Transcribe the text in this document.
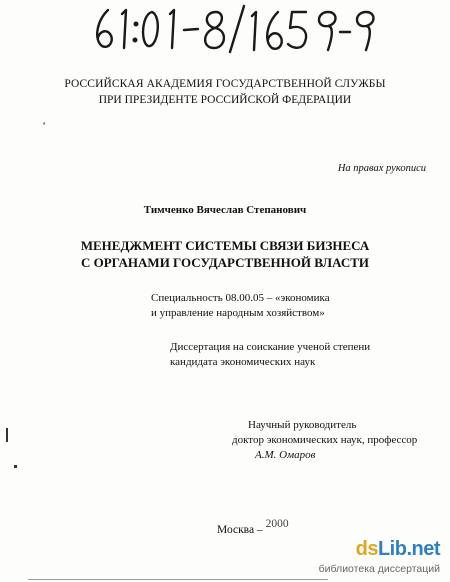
РОССИЙСКАЯ АКАДЕМИЯ ГОСУДАРСТВЕННОЙ СЛУЖБЫ
ПРИ ПРЕЗИДЕНТЕ РОССИЙСКОЙ ФЕДЕРАЦИИ
ᵃ
На правах рукописи
Тимченко Вячеслав Степанович
МЕНЕДЖМЕНТ СИСТЕМЫ СВЯЗИ БИЗНЕСА
С ОРГАНАМИ ГОСУДАРСТВЕННОЙ ВЛАСТИ
Специальность 08.00.05 – «экономика
и управление народным хозяйством»
Диссертация на соискание ученой степени
кандидата экономических наук
Научный руководитель
доктор экономических наук, профессор
А.М. Омаров
Москва – 2000
dsLib.net
библиотека диссертаций
